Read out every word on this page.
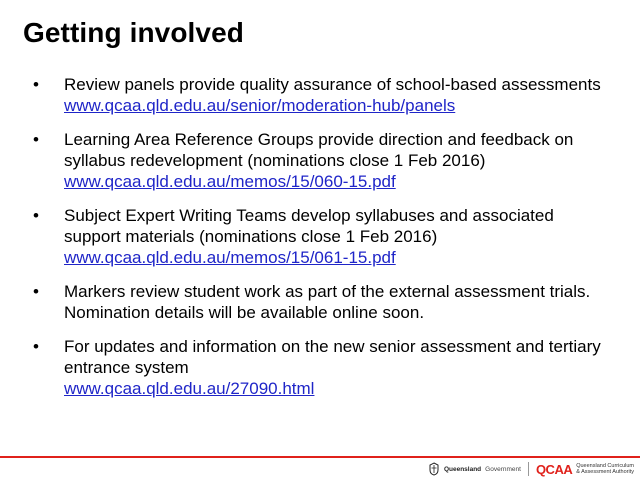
Getting involved
• Review panels provide quality assurance of school-based assessments
www.qcaa.qld.edu.au/senior/moderation-hub/panels
• Learning Area Reference Groups provide direction and feedback on
syllabus redevelopment (nominations close 1 Feb 2016)
www.qcaa.qld.edu.au/memos/15/060-15.pdf
• Subject Expert Writing Teams develop syllabuses and associated
support materials (nominations close 1 Feb 2016)
www.qcaa.qld.edu.au/memos/15/061-15.pdf
• Markers review student work as part of the external assessment trials.
Nomination details will be available online soon.
• For updates and information on the new senior assessment and tertiary
entrance system
www.qcaa.qld.edu.au/27090.html
Queensland Government QCAA Queensland Curriculum
& Assessment Authority
